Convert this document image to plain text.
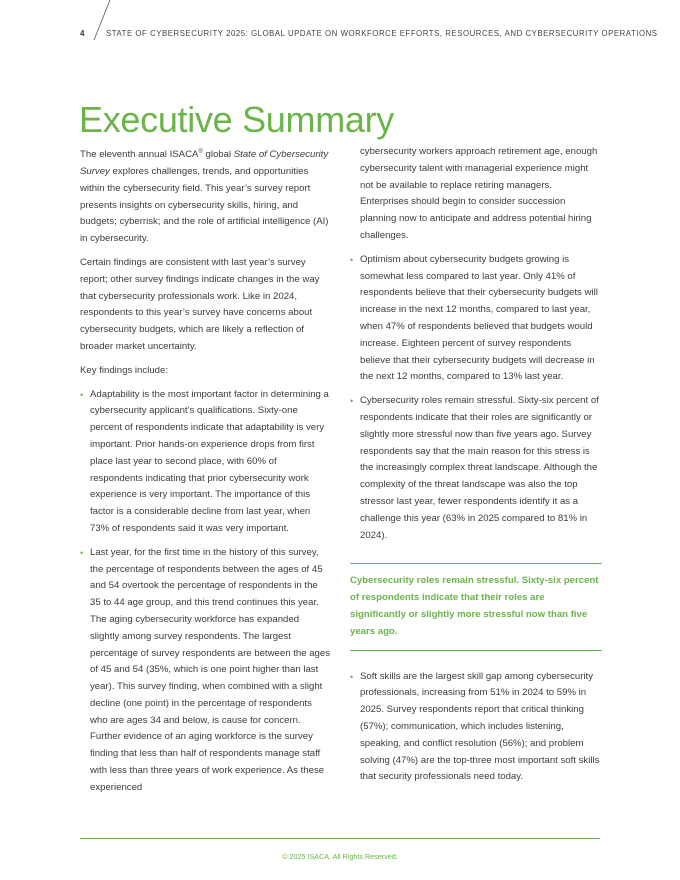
4	STATE OF CYBERSECURITY 2025: GLOBAL UPDATE ON WORKFORCE EFFORTS, RESOURCES, AND CYBERSECURITY OPERATIONS
Executive Summary

The eleventh annual ISACA® global State of Cybersecurity Survey explores challenges, trends, and opportunities within the cybersecurity field. This year’s survey report presents insights on cybersecurity skills, hiring, and budgets; cyberrisk; and the role of artificial intelligence (AI) in cybersecurity.

Certain findings are consistent with last year’s survey report; other survey findings indicate changes in the way that cybersecurity professionals work. Like in 2024, respondents to this year’s survey have concerns about cybersecurity budgets, which are likely a reflection of broader market uncertainty.

Key findings include:

• Adaptability is the most important factor in determining a cybersecurity applicant’s qualifications. Sixty-one percent of respondents indicate that adaptability is very important. Prior hands-on experience drops from first place last year to second place, with 60% of respondents indicating that prior cybersecurity work experience is very important. The importance of this factor is a considerable decline from last year, when 73% of respondents said it was very important.
• Last year, for the first time in the history of this survey, the percentage of respondents between the ages of 45 and 54 overtook the percentage of respondents in the 35 to 44 age group, and this trend continues this year. The aging cybersecurity workforce has expanded slightly among survey respondents. The largest percentage of survey respondents are between the ages of 45 and 54 (35%, which is one point higher than last year). This survey finding, when combined with a slight decline (one point) in the percentage of respondents who are ages 34 and below, is cause for concern. Further evidence of an aging workforce is the survey finding that less than half of respondents manage staff with less than three years of work experience. As these experienced
cybersecurity workers approach retirement age, enough cybersecurity talent with managerial experience might not be available to replace retiring managers. Enterprises should begin to consider succession planning now to anticipate and address potential hiring challenges.
• Optimism about cybersecurity budgets growing is somewhat less compared to last year. Only 41% of respondents believe that their cybersecurity budgets will increase in the next 12 months, compared to last year, when 47% of respondents believed that budgets would increase. Eighteen percent of survey respondents believe that their cybersecurity budgets will decrease in the next 12 months, compared to 13% last year.
• Cybersecurity roles remain stressful. Sixty-six percent of respondents indicate that their roles are significantly or slightly more stressful now than five years ago. Survey respondents say that the main reason for this stress is the increasingly complex threat landscape. Although the complexity of the threat landscape was also the top stressor last year, fewer respondents identify it as a challenge this year (63% in 2025 compared to 81% in 2024).
Cybersecurity roles remain stressful. Sixty-six percent of respondents indicate that their roles are significantly or slightly more stressful now than five years ago.
• Soft skills are the largest skill gap among cybersecurity professionals, increasing from 51% in 2024 to 59% in 2025. Survey respondents report that critical thinking (57%); communication, which includes listening, speaking, and conflict resolution (56%); and problem solving (47%) are the top-three most important soft skills that security professionals need today.
© 2025 ISACA. All Rights Reserved.
